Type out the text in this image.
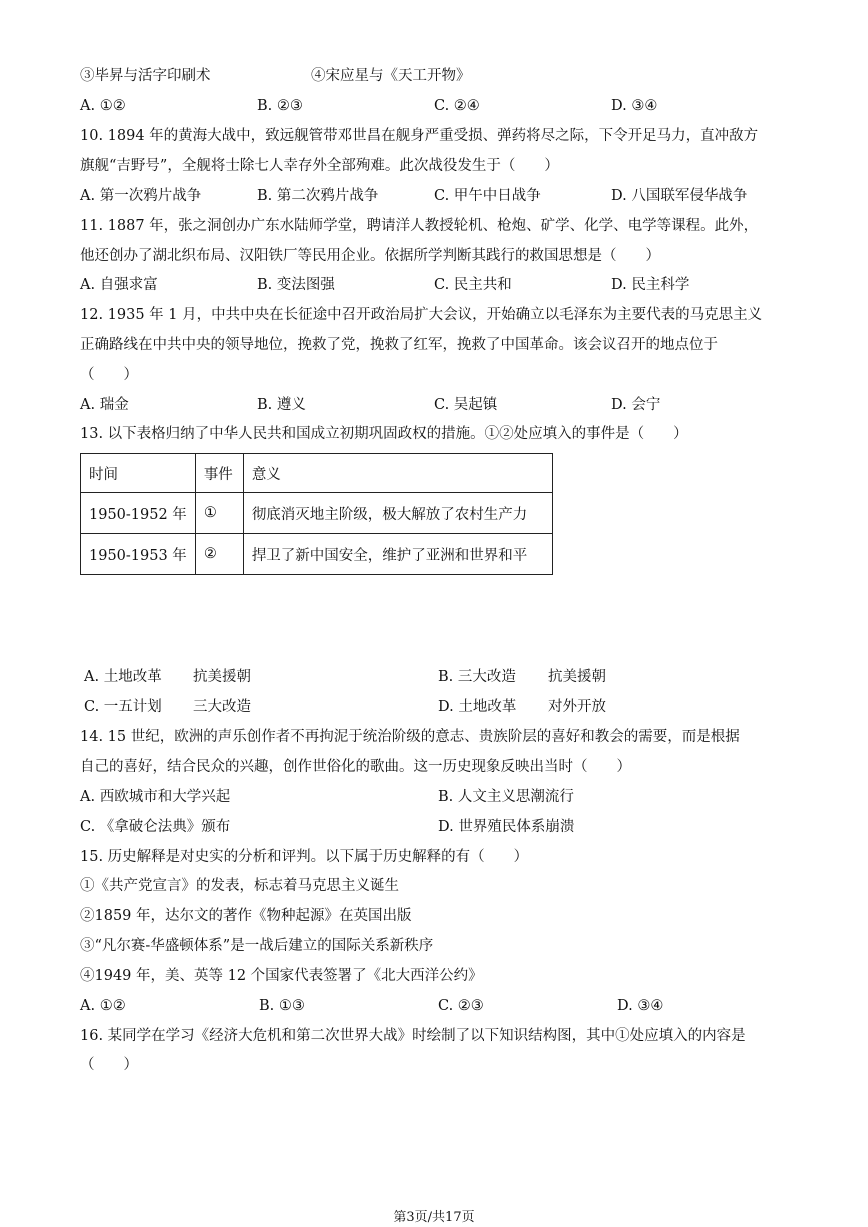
③毕昇与活字印刷术	④宋应星与《天工开物》
A. ①②	B. ②③	C. ②④	D. ③④
10. 1894 年的黄海大战中，致远舰管带邓世昌在舰身严重受损、弹药将尽之际，下令开足马力，直冲敌方
旗舰“吉野号”，全舰将士除七人幸存外全部殉难。此次战役发生于（　　）
A. 第一次鸦片战争	B. 第二次鸦片战争	C. 甲午中日战争	D. 八国联军侵华战争
11. 1887 年，张之洞创办广东水陆师学堂，聘请洋人教授轮机、枪炮、矿学、化学、电学等课程。此外，
他还创办了湖北织布局、汉阳铁厂等民用企业。依据所学判断其践行的救国思想是（　　）
A. 自强求富	B. 变法图强	C. 民主共和	D. 民主科学
12. 1935 年 1 月，中共中央在长征途中召开政治局扩大会议，开始确立以毛泽东为主要代表的马克思主义
正确路线在中共中央的领导地位，挽救了党，挽救了红军，挽救了中国革命。该会议召开的地点位于
（　　）
A. 瑞金	B. 遵义	C. 吴起镇	D. 会宁
13. 以下表格归纳了中华人民共和国成立初期巩固政权的措施。①②处应填入的事件是（　　）
时间	事件	意义
1950-1952 年	①	彻底消灭地主阶级，极大解放了农村生产力
1950-1953 年	②	捍卫了新中国安全，维护了亚洲和世界和平
A. 土地改革 抗美援朝	B. 三大改造 抗美援朝
C. 一五计划 三大改造	D. 土地改革 对外开放
14. 15 世纪，欧洲的声乐创作者不再拘泥于统治阶级的意志、贵族阶层的喜好和教会的需要，而是根据
自己的喜好，结合民众的兴趣，创作世俗化的歌曲。这一历史现象反映出当时（　　）
A. 西欧城市和大学兴起	B. 人文主义思潮流行
C. 《拿破仑法典》颁布	D. 世界殖民体系崩溃
15. 历史解释是对史实的分析和评判。以下属于历史解释的有（　　）
①《共产党宣言》的发表，标志着马克思主义诞生
②1859 年，达尔文的著作《物种起源》在英国出版
③“凡尔赛-华盛顿体系”是一战后建立的国际关系新秩序
④1949 年，美、英等 12 个国家代表签署了《北大西洋公约》
A. ①②	B. ①③	C. ②③	D. ③④
16. 某同学在学习《经济大危机和第二次世界大战》时绘制了以下知识结构图，其中①处应填入的内容是
（　　）
第3页/共17页
